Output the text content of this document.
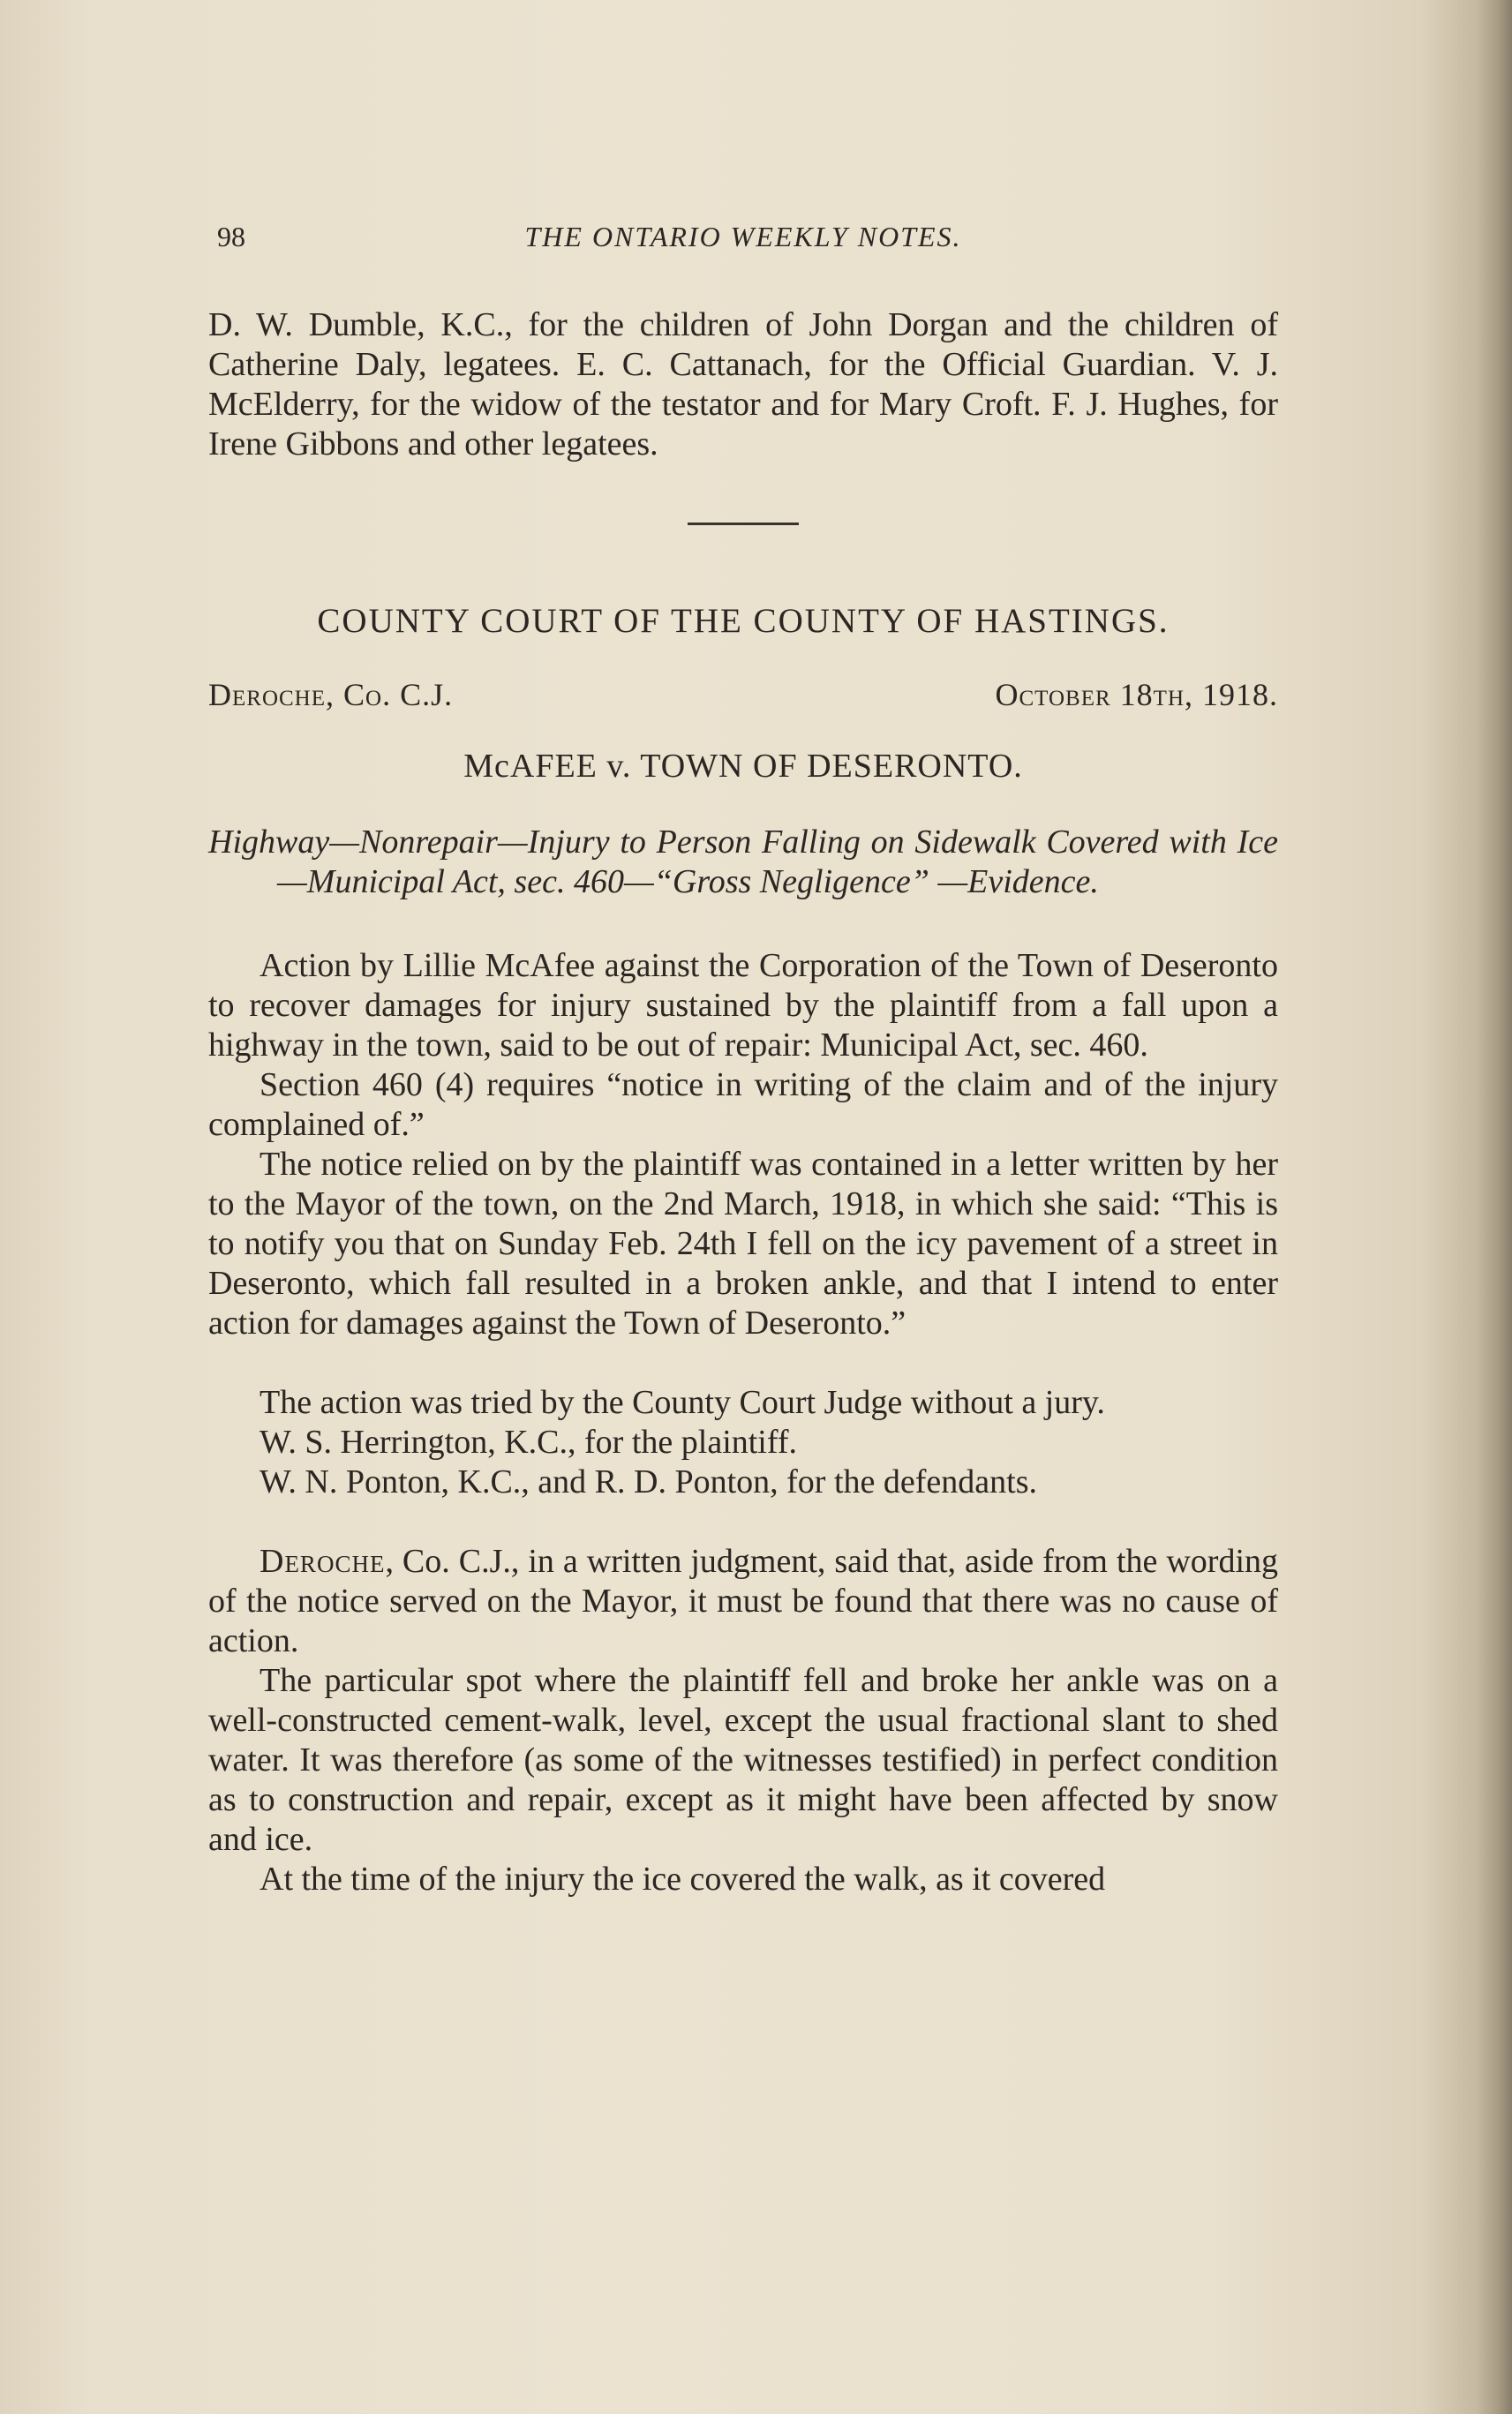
98	THE ONTARIO WEEKLY NOTES.

D. W. Dumble, K.C., for the children of John Dorgan and the children of Catherine Daly, legatees. E. C. Cattanach, for the Official Guardian. V. J. McElderry, for the widow of the testator and for Mary Croft. F. J. Hughes, for Irene Gibbons and other legatees.

COUNTY COURT OF THE COUNTY OF HASTINGS.
Deroche, Co. C.J.	October 18th, 1918.
McAFEE v. TOWN OF DESERONTO.
Highway—Nonrepair—Injury to Person Falling on Sidewalk Covered with Ice—Municipal Act, sec. 460—“Gross Negligence” —Evidence.

Action by Lillie McAfee against the Corporation of the Town of Deseronto to recover damages for injury sustained by the plaintiff from a fall upon a highway in the town, said to be out of repair: Municipal Act, sec. 460.

Section 460 (4) requires “notice in writing of the claim and of the injury complained of.”

The notice relied on by the plaintiff was contained in a letter written by her to the Mayor of the town, on the 2nd March, 1918, in which she said: “This is to notify you that on Sunday Feb. 24th I fell on the icy pavement of a street in Deseronto, which fall resulted in a broken ankle, and that I intend to enter action for damages against the Town of Deseronto.”

The action was tried by the County Court Judge without a jury.

W. S. Herrington, K.C., for the plaintiff.

W. N. Ponton, K.C., and R. D. Ponton, for the defendants.

Deroche, Co. C.J., in a written judgment, said that, aside from the wording of the notice served on the Mayor, it must be found that there was no cause of action.

The particular spot where the plaintiff fell and broke her ankle was on a well-constructed cement-walk, level, except the usual fractional slant to shed water. It was therefore (as some of the witnesses testified) in perfect condition as to construction and repair, except as it might have been affected by snow and ice.

At the time of the injury the ice covered the walk, as it covered
